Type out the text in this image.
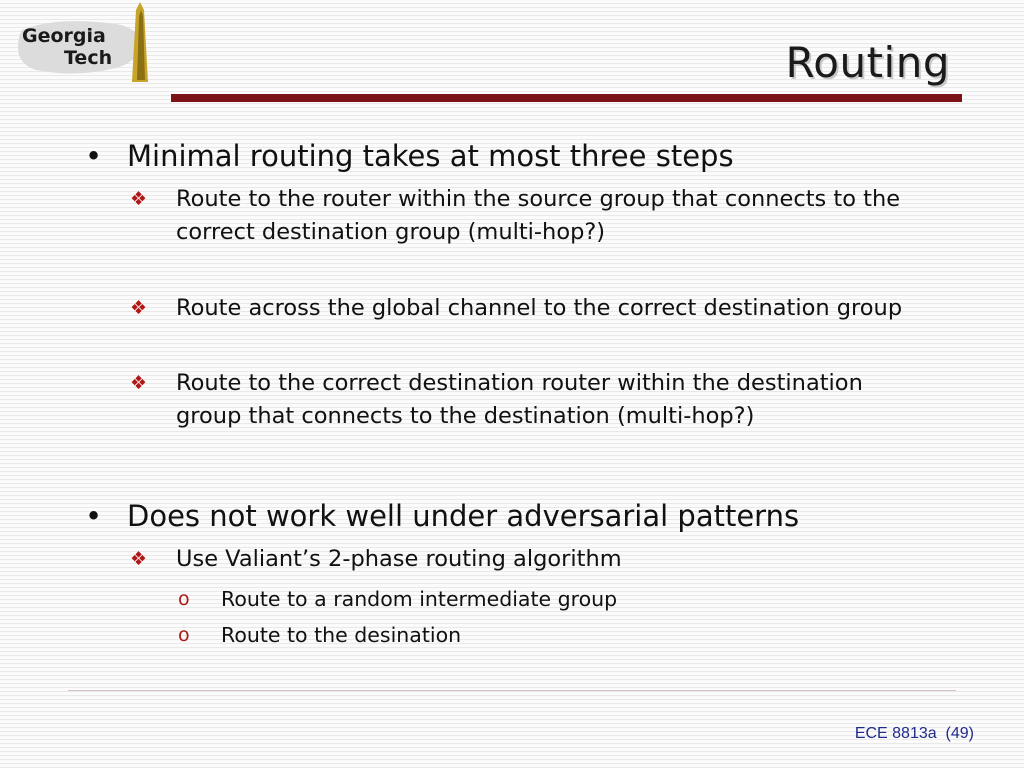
Georgia
Tech	Routing
• Minimal routing takes at most three steps
❖ Route to the router within the source group that connects to the correct destination group (multi-hop?)
❖ Route across the global channel to the correct destination group
❖ Route to the correct destination router within the destination group that connects to the destination (multi-hop?)
• Does not work well under adversarial patterns
❖ Use Valiant’s 2-phase routing algorithm
o Route to a random intermediate group
o Route to the desination
ECE 8813a (49)
